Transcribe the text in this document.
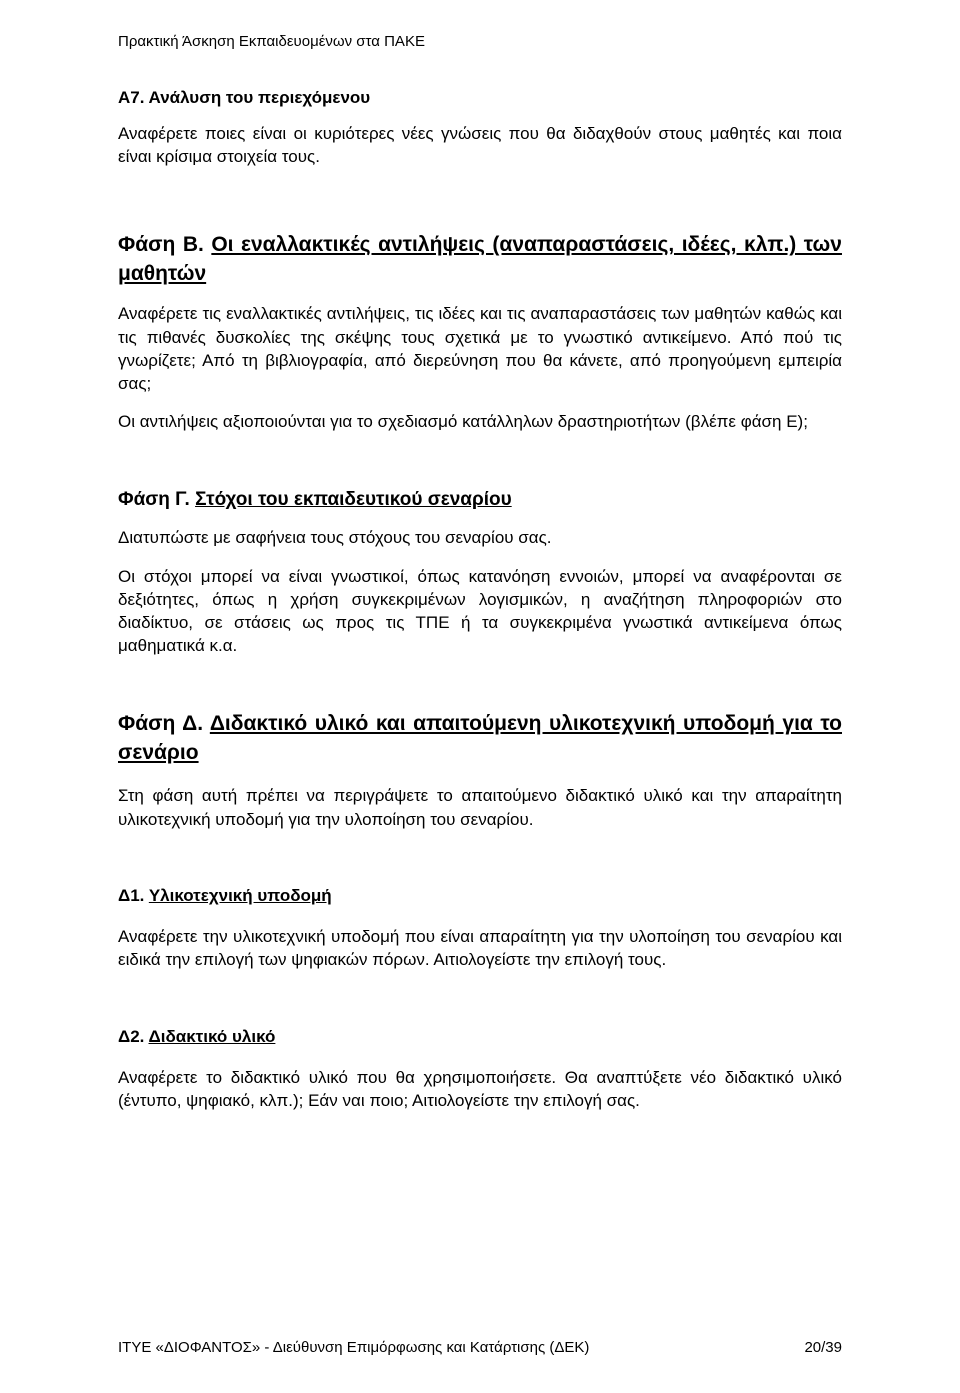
Πρακτική Άσκηση Εκπαιδευομένων στα ΠΑΚΕ
Α7. Ανάλυση του περιεχόμενου

Αναφέρετε ποιες είναι οι κυριότερες νέες γνώσεις που θα διδαχθούν στους μαθητές και ποια είναι κρίσιμα στοιχεία τους.

Φάση Β. Οι εναλλακτικές αντιλήψεις (αναπαραστάσεις, ιδέες, κλπ.) των μαθητών

Αναφέρετε τις εναλλακτικές αντιλήψεις, τις ιδέες και τις αναπαραστάσεις των μαθητών καθώς και τις πιθανές δυσκολίες της σκέψης τους σχετικά με το γνωστικό αντικείμενο. Από πού τις γνωρίζετε; Από τη βιβλιογραφία, από διερεύνηση που θα κάνετε, από προηγούμενη εμπειρία σας;

Οι αντιλήψεις αξιοποιούνται για το σχεδιασμό κατάλληλων δραστηριοτήτων (βλέπε φάση Ε);

Φάση Γ. Στόχοι του εκπαιδευτικού σεναρίου

Διατυπώστε με σαφήνεια τους στόχους του σεναρίου σας.

Οι στόχοι μπορεί να είναι γνωστικοί, όπως κατανόηση εννοιών, μπορεί να αναφέρονται σε δεξιότητες, όπως η χρήση συγκεκριμένων λογισμικών, η αναζήτηση πληροφοριών στο διαδίκτυο, σε στάσεις ως προς τις ΤΠΕ ή τα συγκεκριμένα γνωστικά αντικείμενα όπως μαθηματικά κ.α.

Φάση Δ. Διδακτικό υλικό και απαιτούμενη υλικοτεχνική υποδομή για το σενάριο

Στη φάση αυτή πρέπει να περιγράψετε το απαιτούμενο διδακτικό υλικό και την απαραίτητη υλικοτεχνική υποδομή για την υλοποίηση του σεναρίου.

Δ1. Υλικοτεχνική υποδομή

Αναφέρετε την υλικοτεχνική υποδομή που είναι απαραίτητη για την υλοποίηση του σεναρίου και ειδικά την επιλογή των ψηφιακών πόρων. Αιτιολογείστε την επιλογή τους.

Δ2. Διδακτικό υλικό

Αναφέρετε το διδακτικό υλικό που θα χρησιμοποιήσετε. Θα αναπτύξετε νέο διδακτικό υλικό (έντυπο, ψηφιακό, κλπ.); Εάν ναι ποιο; Αιτιολογείστε την επιλογή σας.

ΙΤΥΕ «ΔΙΟΦΑΝΤΟΣ» - Διεύθυνση Επιμόρφωσης και Κατάρτισης (ΔΕΚ)	20/39
